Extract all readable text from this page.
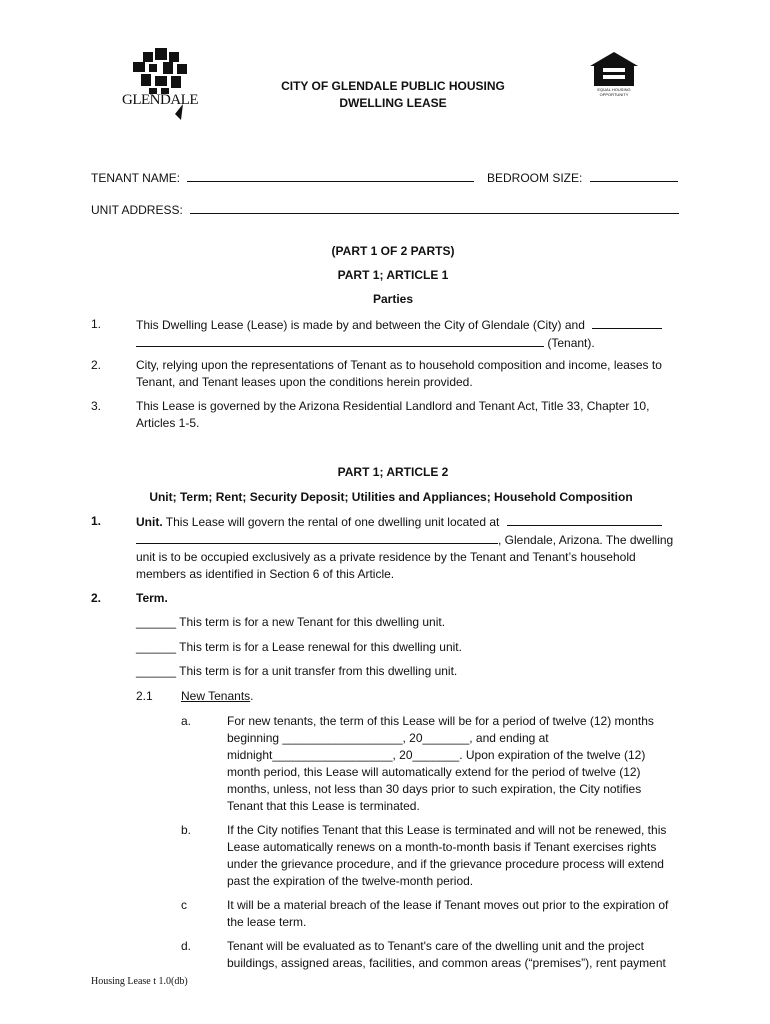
GLENDALE
CITY OF GLENDALE PUBLIC HOUSING
DWELLING LEASE
EQUAL HOUSING OPPORTUNITY
TENANT NAME:	BEDROOM SIZE:
UNIT ADDRESS:
(PART 1 OF 2 PARTS)
PART 1; ARTICLE 1
Parties
1.	This Dwelling Lease (Lease) is made by and between the City of Glendale (City) and
(Tenant).
2.	City, relying upon the representations of Tenant as to household composition and income, leases to
Tenant, and Tenant leases upon the conditions herein provided.
3.	This Lease is governed by the Arizona Residential Landlord and Tenant Act, Title 33, Chapter 10,
Articles 1-5.
PART 1; ARTICLE 2
Unit; Term; Rent; Security Deposit; Utilities and Appliances; Household Composition
1.	Unit. This Lease will govern the rental of one dwelling unit located at
, Glendale, Arizona. The dwelling
unit is to be occupied exclusively as a private residence by the Tenant and Tenant’s household
members as identified in Section 6 of this Article.
2.	Term.
______ This term is for a new Tenant for this dwelling unit.
______ This term is for a Lease renewal for this dwelling unit.
______ This term is for a unit transfer from this dwelling unit.
2.1 New Tenants.
a.	For new tenants, the term of this Lease will be for a period of twelve (12) months
beginning __________________, 20_______, and ending at
midnight__________________, 20_______. Upon expiration of the twelve (12)
month period, this Lease will automatically extend for the period of twelve (12)
months, unless, not less than 30 days prior to such expiration, the City notifies
Tenant that this Lease is terminated.
b.	If the City notifies Tenant that this Lease is terminated and will not be renewed, this
Lease automatically renews on a month-to-month basis if Tenant exercises rights
under the grievance procedure, and if the grievance procedure process will extend
past the expiration of the twelve-month period.
c	It will be a material breach of the lease if Tenant moves out prior to the expiration of
the lease term.
d.	Tenant will be evaluated as to Tenant's care of the dwelling unit and the project
buildings, assigned areas, facilities, and common areas (“premises”), rent payment
Housing Lease t 1.0(db)
